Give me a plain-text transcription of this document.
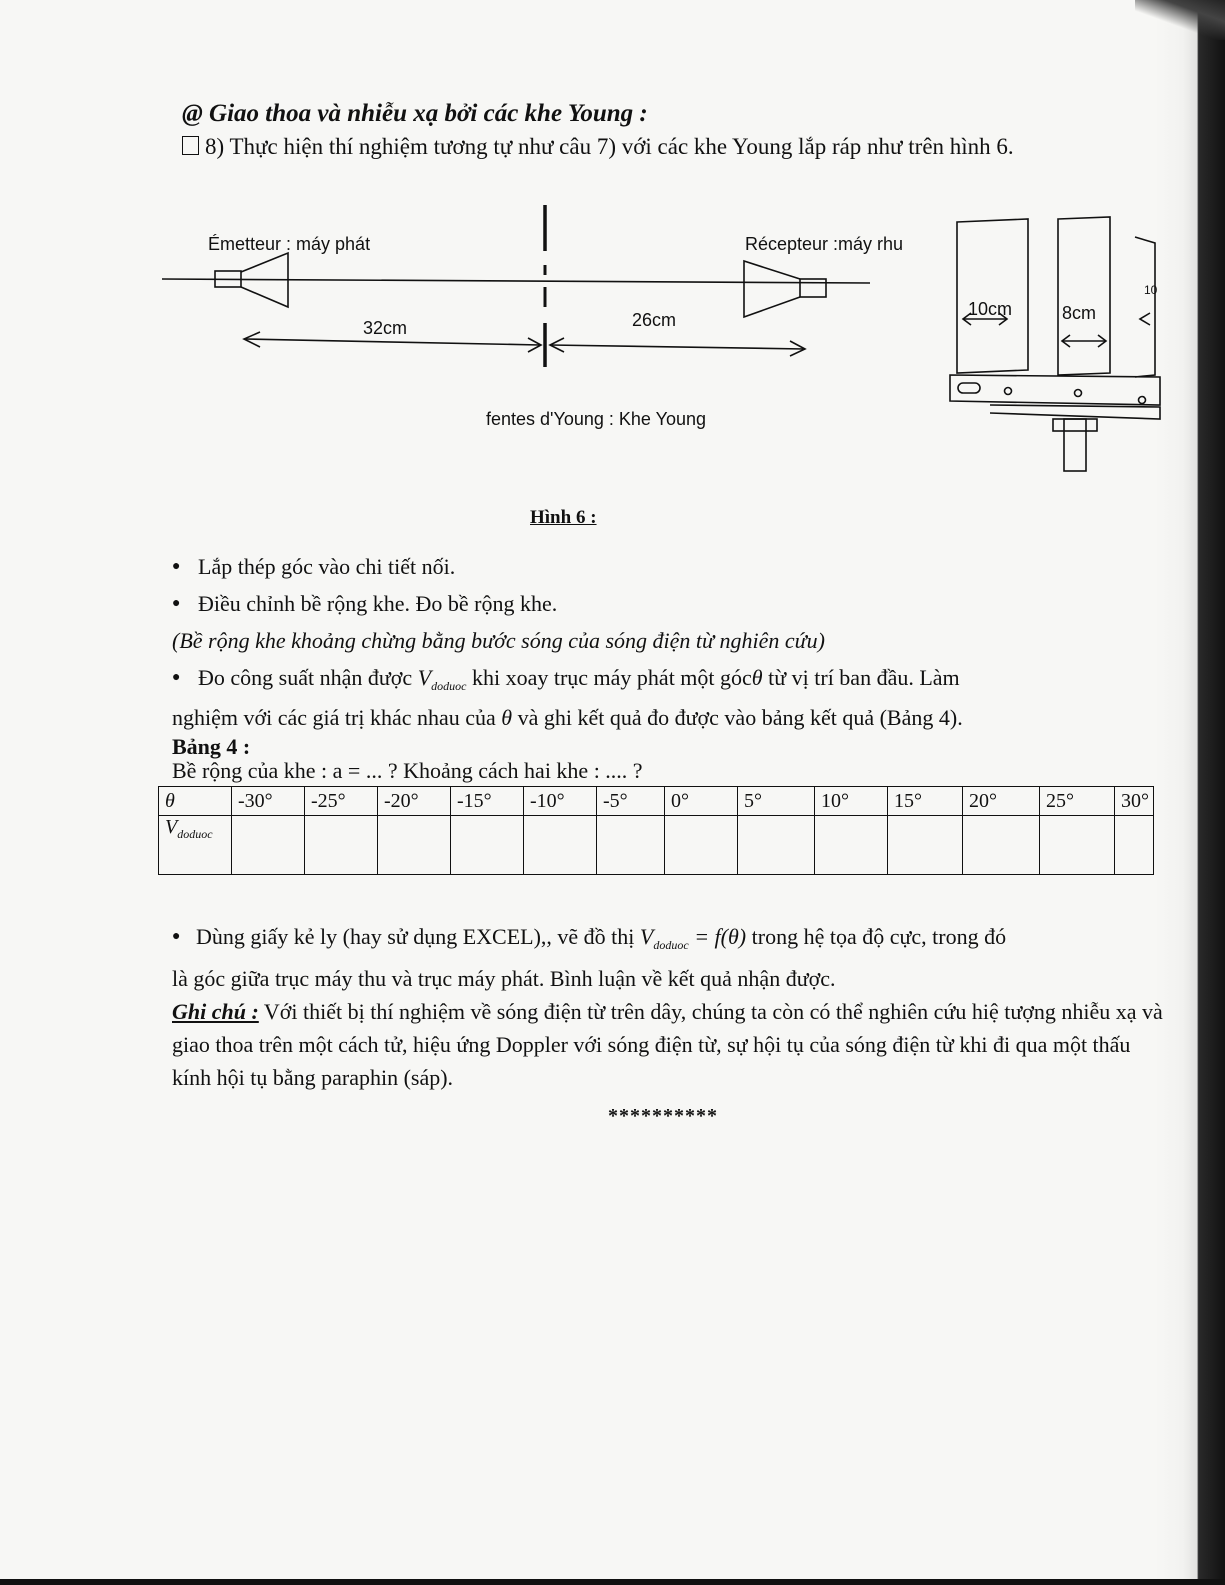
@ Giao thoa và nhiễu xạ bởi các khe Young :
8) Thực hiện thí nghiệm tương tự như câu 7) với các khe Young lắp ráp như trên hình 6.
Émetteur : máy phát	Récepteur :máy rhu
32cm	26cm
fentes d'Young : Khe Young
10cm	8cm
10
Hình 6 :
● Lắp thép góc vào chi tiết nối.
● Điều chỉnh bề rộng khe. Đo bề rộng khe.
(Bề rộng khe khoảng chừng bằng bước sóng của sóng điện từ nghiên cứu)
● Đo công suất nhận được $V_{doduoc}$ khi xoay trục máy phát một gócθ từ vị trí ban đầu. Làm
nghiệm với các giá trị khác nhau của θ và ghi kết quả đo được vào bảng kết quả (Bảng 4).
Bảng 4 :
Bề rộng của khe : a = ... ? Khoảng cách hai khe : .... ?
θ	-30°	-25°	-20°	-15°	-10°	-5°	0°	5°	10°	15°	20°	25°	30°
$V_{doduoc}$													
● Dùng giấy kẻ ly (hay sử dụng EXCEL),, vẽ đồ thị $V_{doduoc} = f(\theta)$ trong hệ tọa độ cực, trong đó
là góc giữa trục máy thu và trục máy phát. Bình luận về kết quả nhận được.
Ghi chú : Với thiết bị thí nghiệm về sóng điện từ trên dây, chúng ta còn có thể nghiên cứu hiệ tượng nhiễu xạ và giao thoa trên một cách tử, hiệu ứng Doppler với sóng điện từ, sự hội tụ của sóng điện từ khi đi qua một thấu kính hội tụ bằng paraphin (sáp).
**********
